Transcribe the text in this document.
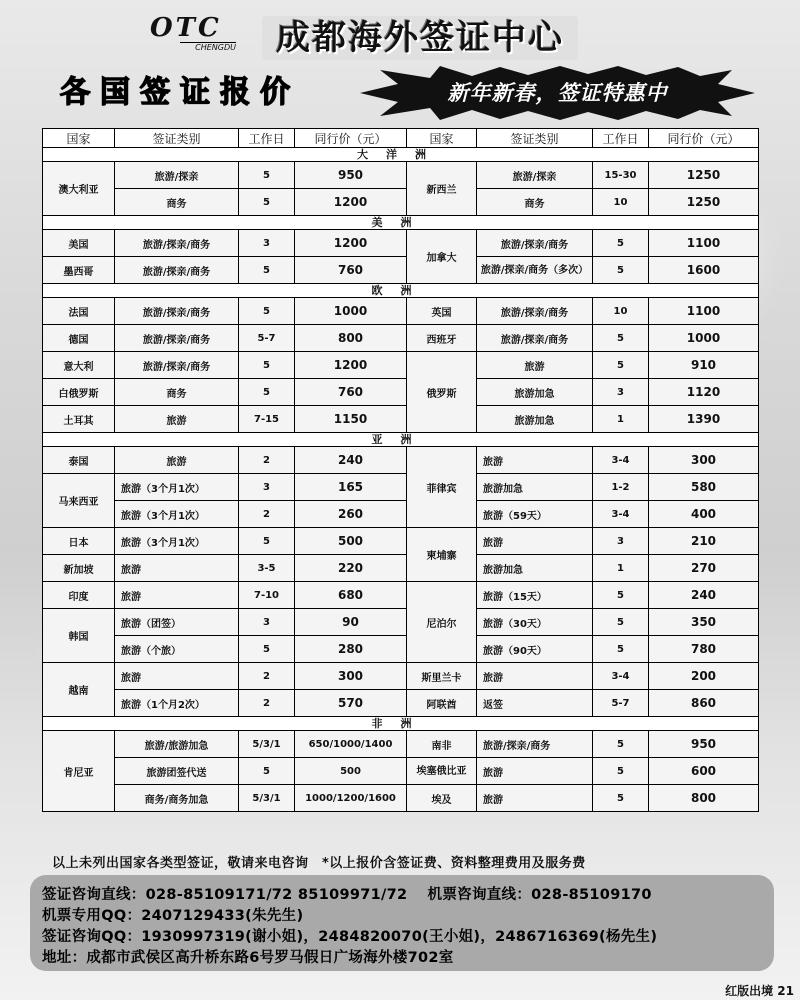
OTC
CHENGDU	成都海外签证中心
各国签证报价	新年新春，签证特惠中
国家	签证类别	工作日	同行价（元）	国家	签证类别	工作日	同行价（元）
大洋洲							
澳大利亚	旅游/探亲	5	950	新西兰	旅游/探亲	15-30	1250
	商务	5	1200		商务	10	1250
美洲							
美国	旅游/探亲/商务	3	1200	加拿大	旅游/探亲/商务	5	1100
墨西哥	旅游/探亲/商务	5	760		旅游/探亲/商务（多次）	5	1600
欧洲							
法国	旅游/探亲/商务	5	1000	英国	旅游/探亲/商务	10	1100
德国	旅游/探亲/商务	5-7	800	西班牙	旅游/探亲/商务	5	1000
意大利	旅游/探亲/商务	5	1200	俄罗斯	旅游	5	910
白俄罗斯	商务	5	760		旅游加急	3	1120
土耳其	旅游	7-15	1150		旅游加急	1	1390
亚洲							
泰国	旅游	2	240	菲律宾	旅游	3-4	300
马来西亚	旅游（3个月1次）	3	165		旅游加急	1-2	580
	旅游（3个月1次）	2	260		旅游（59天）	3-4	400
日本	旅游（3个月1次）	5	500	柬埔寨	旅游	3	210
新加坡	旅游	3-5	220		旅游加急	1	270
印度	旅游	7-10	680	尼泊尔	旅游（15天）	5	240
韩国	旅游（团签）	3	90		旅游（30天）	5	350
	旅游（个旅）	5	280		旅游（90天）	5	780
越南	旅游	2	300	斯里兰卡	旅游	3-4	200
	旅游（1个月2次）	2	570	阿联酋	返签	5-7	860
非洲							
肯尼亚	旅游/旅游加急	5/3/1	650/1000/1400	南非	旅游/探亲/商务	5	950
	旅游团签代送	5	500	埃塞俄比亚	旅游	5	600
	商务/商务加急	5/3/1	1000/1200/1600	埃及	旅游	5	800
以上未列出国家各类型签证，敬请来电咨询　*以上报价含签证费、资料整理费用及服务费
签证咨询直线：028-85109171/72 85109971/72　 机票咨询直线：028-85109170
机票专用QQ：2407129433(朱先生)
签证咨询QQ：1930997319(谢小姐)，2484820070(王小姐)，2486716369(杨先生)
地址：成都市武侯区高升桥东路6号罗马假日广场海外楼702室
红版出境 21
